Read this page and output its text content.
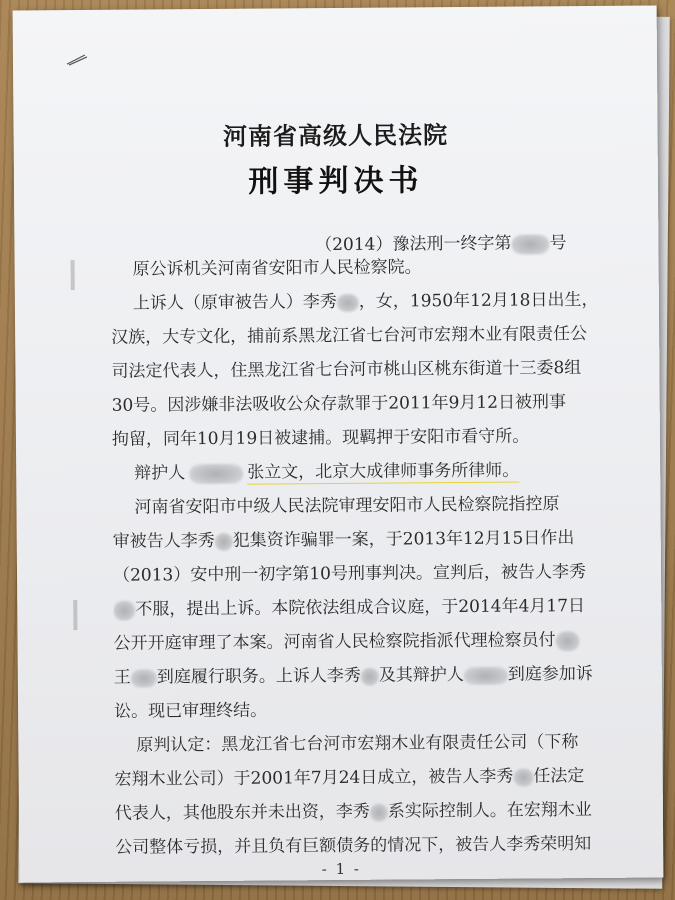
河南省高级人民法院
刑事判决书
（2014）豫法刑一终字第 号
原公诉机关河南省安阳市人民检察院。
上诉人（原审被告人）李秀 ，女，1950年12月18日出生，
汉族，大专文化，捕前系黑龙江省七台河市宏翔木业有限责任公
司法定代表人，住黑龙江省七台河市桃山区桃东街道十三委8组
30号。因涉嫌非法吸收公众存款罪于2011年9月12日被刑事
拘留，同年10月19日被逮捕。现羁押于安阳市看守所。
辩护人	张立文，北京大成律师事务所律师。
河南省安阳市中级人民法院审理安阳市人民检察院指控原
审被告人李秀 犯集资诈骗罪一案，于2013年12月15日作出
（2013）安中刑一初字第10号刑事判决。宣判后，被告人李秀
不服，提出上诉。本院依法组成合议庭，于2014年4月17日
公开开庭审理了本案。河南省人民检察院指派代理检察员付
王 到庭履行职务。上诉人李秀 及其辩护人	到庭参加诉
讼。现已审理终结。
原判认定：黑龙江省七台河市宏翔木业有限责任公司（下称
宏翔木业公司）于2001年7月24日成立，被告人李秀 任法定
代表人，其他股东并未出资，李秀 系实际控制人。在宏翔木业
公司整体亏损，并且负有巨额债务的情况下，被告人李秀荣明知
- 1 -
